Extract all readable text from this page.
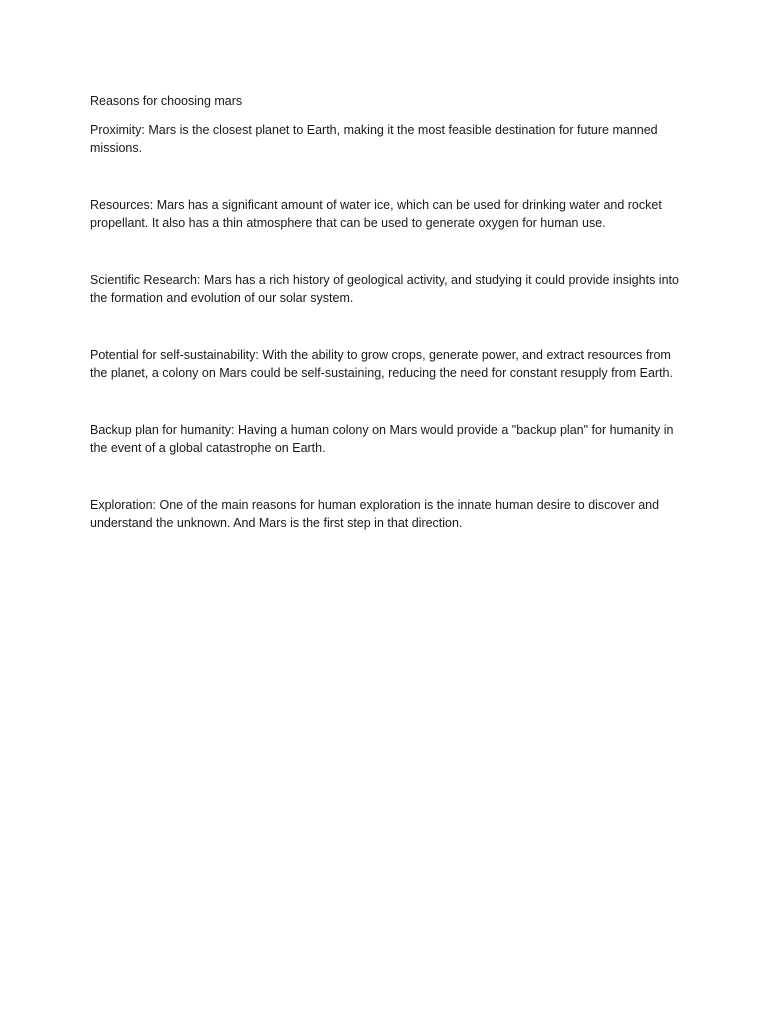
Reasons for choosing mars

Proximity: Mars is the closest planet to Earth, making it the most feasible destination for future manned missions.

Resources: Mars has a significant amount of water ice, which can be used for drinking water and rocket propellant. It also has a thin atmosphere that can be used to generate oxygen for human use.

Scientific Research: Mars has a rich history of geological activity, and studying it could provide insights into the formation and evolution of our solar system.

Potential for self-sustainability: With the ability to grow crops, generate power, and extract resources from the planet, a colony on Mars could be self-sustaining, reducing the need for constant resupply from Earth.

Backup plan for humanity: Having a human colony on Mars would provide a "backup plan" for humanity in the event of a global catastrophe on Earth.

Exploration: One of the main reasons for human exploration is the innate human desire to discover and understand the unknown. And Mars is the first step in that direction.
